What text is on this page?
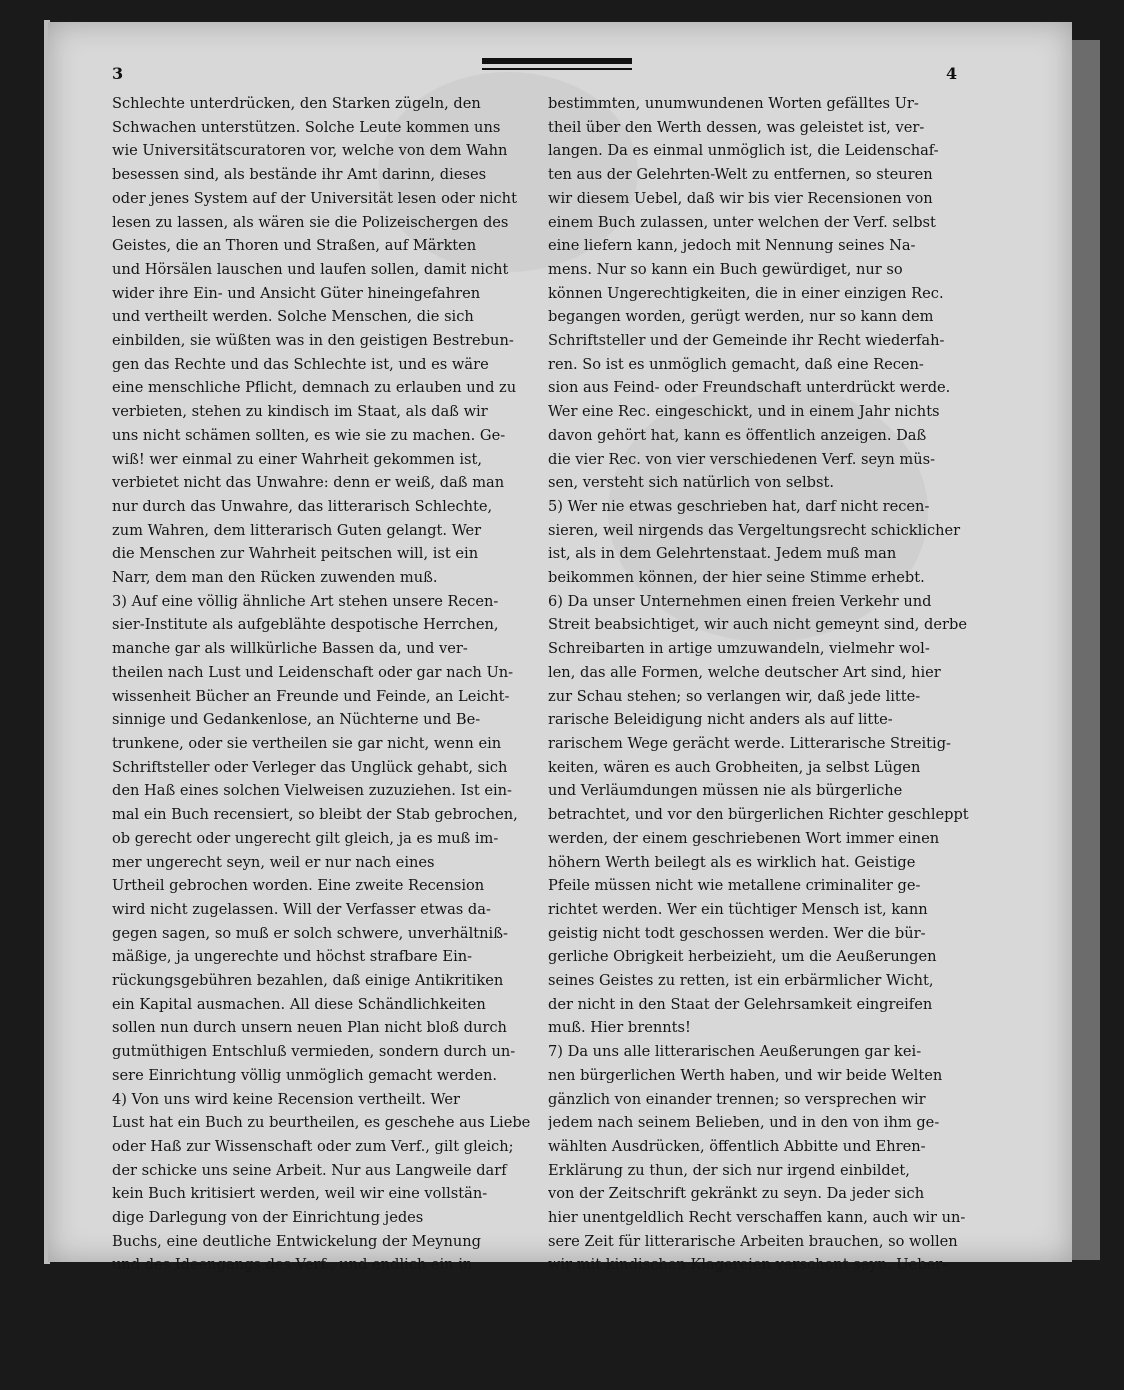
3	4
Schlechte unterdrücken, den Starken zügeln, den
Schwachen unterstützen. Solche Leute kommen uns
wie Universitätscuratoren vor, welche von dem Wahn
besessen sind, als bestände ihr Amt darinn, dieses
oder jenes System auf der Universität lesen oder nicht
lesen zu lassen, als wären sie die Polizeischergen des
Geistes, die an Thoren und Straßen, auf Märkten
und Hörsälen lauschen und laufen sollen, damit nicht
wider ihre Ein- und Ansicht Güter hineingefahren
und vertheilt werden. Solche Menschen, die sich
einbilden, sie wüßten was in den geistigen Bestrebun-
gen das Rechte und das Schlechte ist, und es wäre
eine menschliche Pflicht, demnach zu erlauben und zu
verbieten, stehen zu kindisch im Staat, als daß wir
uns nicht schämen sollten, es wie sie zu machen. Ge-
wiß! wer einmal zu einer Wahrheit gekommen ist,
verbietet nicht das Unwahre: denn er weiß, daß man
nur durch das Unwahre, das litterarisch Schlechte,
zum Wahren, dem litterarisch Guten gelangt. Wer
die Menschen zur Wahrheit peitschen will, ist ein
Narr, dem man den Rücken zuwenden muß.
3) Auf eine völlig ähnliche Art stehen unsere Recen-
sier-Institute als aufgeblähte despotische Herrchen,
manche gar als willkürliche Bassen da, und ver-
theilen nach Lust und Leidenschaft oder gar nach Un-
wissenheit Bücher an Freunde und Feinde, an Leicht-
sinnige und Gedankenlose, an Nüchterne und Be-
trunkene, oder sie vertheilen sie gar nicht, wenn ein
Schriftsteller oder Verleger das Unglück gehabt, sich
den Haß eines solchen Vielweisen zuzuziehen. Ist ein-
mal ein Buch recensiert, so bleibt der Stab gebrochen,
ob gerecht oder ungerecht gilt gleich, ja es muß im-
mer ungerecht seyn, weil er nur nach eines
Urtheil gebrochen worden. Eine zweite Recension
wird nicht zugelassen. Will der Verfasser etwas da-
gegen sagen, so muß er solch schwere, unverhältniß-
mäßige, ja ungerechte und höchst strafbare Ein-
rückungsgebühren bezahlen, daß einige Antikritiken
ein Kapital ausmachen. All diese Schändlichkeiten
sollen nun durch unsern neuen Plan nicht bloß durch
gutmüthigen Entschluß vermieden, sondern durch un-
sere Einrichtung völlig unmöglich gemacht werden.
4) Von uns wird keine Recension vertheilt. Wer
Lust hat ein Buch zu beurtheilen, es geschehe aus Liebe
oder Haß zur Wissenschaft oder zum Verf., gilt gleich;
der schicke uns seine Arbeit. Nur aus Langweile darf
kein Buch kritisiert werden, weil wir eine vollstän-
dige Darlegung von der Einrichtung jedes
Buchs, eine deutliche Entwickelung der Meynung
und des Ideengangs des Verf., und endlich ein in
bestimmten, unumwundenen Worten gefälltes Ur-
theil über den Werth dessen, was geleistet ist, ver-
langen. Da es einmal unmöglich ist, die Leidenschaf-
ten aus der Gelehrten-Welt zu entfernen, so steuren
wir diesem Uebel, daß wir bis vier Recensionen von
einem Buch zulassen, unter welchen der Verf. selbst
eine liefern kann, jedoch mit Nennung seines Na-
mens. Nur so kann ein Buch gewürdiget, nur so
können Ungerechtigkeiten, die in einer einzigen Rec.
begangen worden, gerügt werden, nur so kann dem
Schriftsteller und der Gemeinde ihr Recht wiederfah-
ren. So ist es unmöglich gemacht, daß eine Recen-
sion aus Feind- oder Freundschaft unterdrückt werde.
Wer eine Rec. eingeschickt, und in einem Jahr nichts
davon gehört hat, kann es öffentlich anzeigen. Daß
die vier Rec. von vier verschiedenen Verf. seyn müs-
sen, versteht sich natürlich von selbst.
5) Wer nie etwas geschrieben hat, darf nicht recen-
sieren, weil nirgends das Vergeltungsrecht schicklicher
ist, als in dem Gelehrtenstaat. Jedem muß man
beikommen können, der hier seine Stimme erhebt.
6) Da unser Unternehmen einen freien Verkehr und
Streit beabsichtiget, wir auch nicht gemeynt sind, derbe
Schreibarten in artige umzuwandeln, vielmehr wol-
len, das alle Formen, welche deutscher Art sind, hier
zur Schau stehen; so verlangen wir, daß jede litte-
rarische Beleidigung nicht anders als auf litte-
rarischem Wege gerächt werde. Litterarische Streitig-
keiten, wären es auch Grobheiten, ja selbst Lügen
und Verläumdungen müssen nie als bürgerliche
betrachtet, und vor den bürgerlichen Richter geschleppt
werden, der einem geschriebenen Wort immer einen
höhern Werth beilegt als es wirklich hat. Geistige
Pfeile müssen nicht wie metallene criminaliter ge-
richtet werden. Wer ein tüchtiger Mensch ist, kann
geistig nicht todt geschossen werden. Wer die bür-
gerliche Obrigkeit herbeizieht, um die Aeußerungen
seines Geistes zu retten, ist ein erbärmlicher Wicht,
der nicht in den Staat der Gelehrsamkeit eingreifen
muß. Hier brennts!
7) Da uns alle litterarischen Aeußerungen gar kei-
nen bürgerlichen Werth haben, und wir beide Welten
gänzlich von einander trennen; so versprechen wir
jedem nach seinem Belieben, und in den von ihm ge-
wählten Ausdrücken, öffentlich Abbitte und Ehren-
Erklärung zu thun, der sich nur irgend einbildet,
von der Zeitschrift gekränkt zu seyn. Da jeder sich
hier unentgeldlich Recht verschaffen kann, auch wir un-
sere Zeit für litterarische Arbeiten brauchen, so wollen
wir mit kindischen Klagereien verschont seyn. Ueber-
